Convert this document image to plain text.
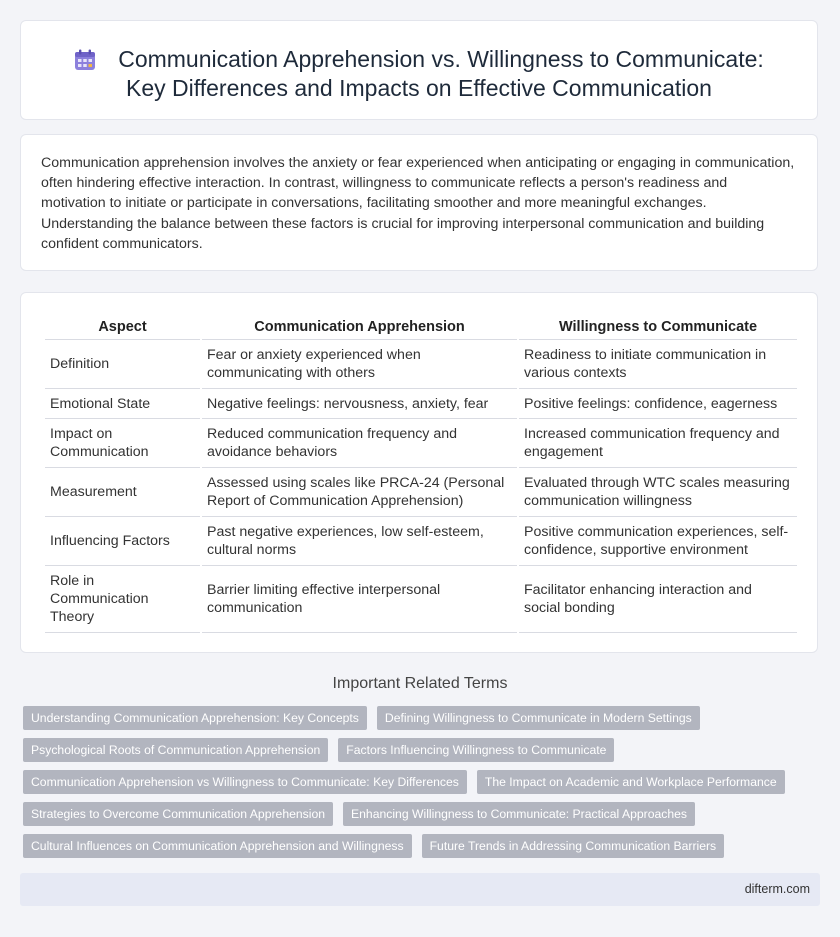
Communication Apprehension vs. Willingness to Communicate:
Key Differences and Impacts on Effective Communication

Communication apprehension involves the anxiety or fear experienced when anticipating or engaging in communication, often hindering effective interaction. In contrast, willingness to communicate reflects a person's readiness and motivation to initiate or participate in conversations, facilitating smoother and more meaningful exchanges. Understanding the balance between these factors is crucial for improving interpersonal communication and building confident communicators.

Aspect	Communication Apprehension	Willingness to Communicate
Definition	Fear or anxiety experienced when communicating with others	Readiness to initiate communication in various contexts
Emotional State	Negative feelings: nervousness, anxiety, fear	Positive feelings: confidence, eagerness
Impact on Communication	Reduced communication frequency and avoidance behaviors	Increased communication frequency and engagement
Measurement	Assessed using scales like PRCA-24 (Personal Report of Communication Apprehension)	Evaluated through WTC scales measuring communication willingness
Influencing Factors	Past negative experiences, low self-esteem, cultural norms	Positive communication experiences, self-confidence, supportive environment
Role in Communication Theory	Barrier limiting effective interpersonal communication	Facilitator enhancing interaction and social bonding
Important Related Terms
Understanding Communication Apprehension: Key Concepts Defining Willingness to Communicate in Modern Settings
Psychological Roots of Communication Apprehension Factors Influencing Willingness to Communicate
Communication Apprehension vs Willingness to Communicate: Key Differences The Impact on Academic and Workplace Performance
Strategies to Overcome Communication Apprehension Enhancing Willingness to Communicate: Practical Approaches
Cultural Influences on Communication Apprehension and Willingness Future Trends in Addressing Communication Barriers
difterm.com
